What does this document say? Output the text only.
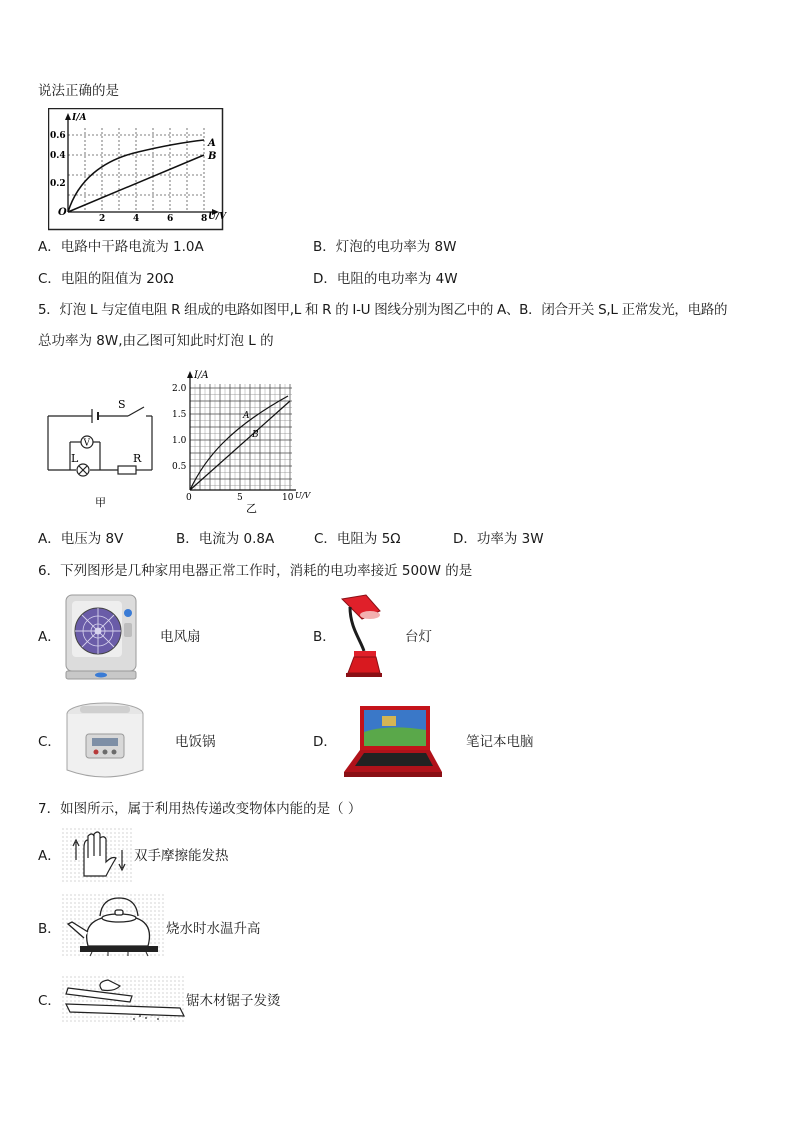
说法正确的是
I/A
0.6
0.4
0.2
O
2	4	6	8 U/V
A
B
A．电路中干路电流为 1.0A	B．灯泡的电功率为 8W
C．电阻的阻值为 20Ω	D．电阻的电功率为 4W
5．灯泡 L 与定值电阻 R 组成的电路如图甲,L 和 R 的 I-U 图线分别为图乙中的 A、B．闭合开关 S,L 正常发光，电路的
总功率为 8W,由乙图可知此时灯泡 L 的
V
S
L	R
甲
I/A
2.0
1.5
1.0
0.5
0	5	10 U/V
A
B
乙
A．电压为 8V	B．电流为 0.8A	C．电阻为 5Ω	D．功率为 3W
6．下列图形是几种家用电器正常工作时，消耗的电功率接近 500W 的是
A．	电风扇	B．	台灯
C．	电饭锅	D．	笔记本电脑
7．如图所示，属于利用热传递改变物体内能的是（ ）
A．	双手摩擦能发热
B．	烧水时水温升高
C．	锯木材锯子发烫
